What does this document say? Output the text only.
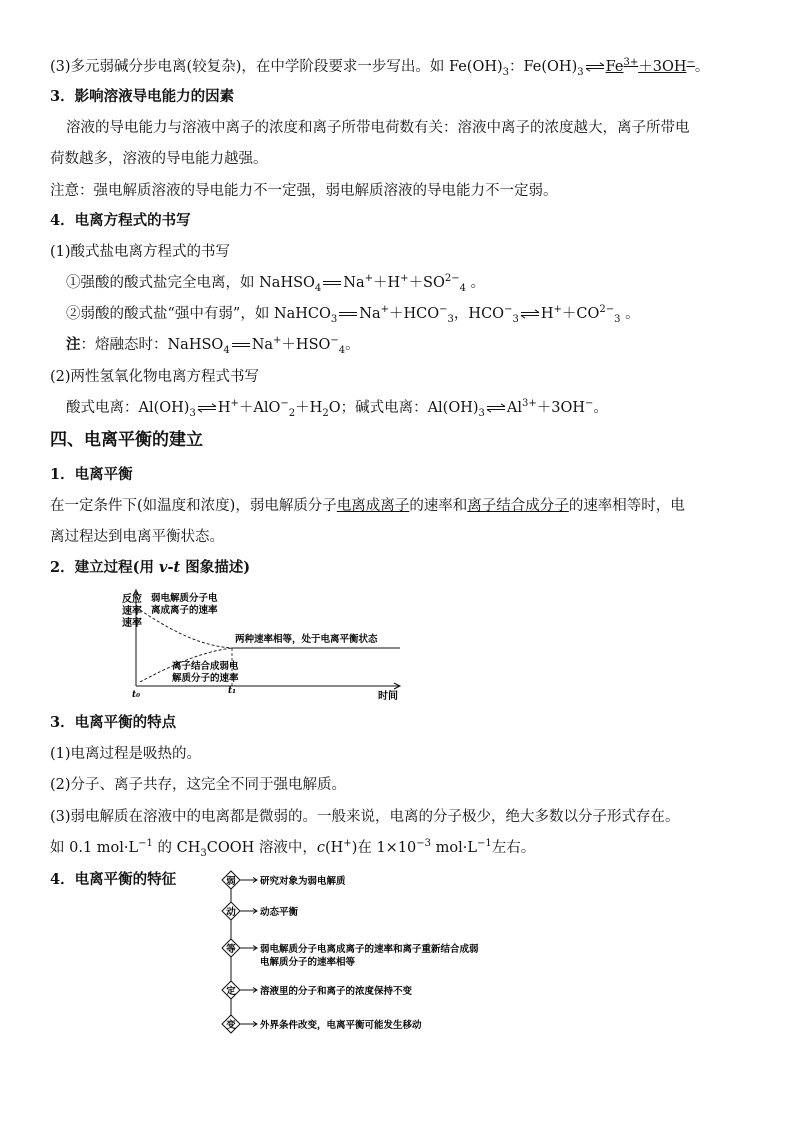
(3)多元弱碱分步电离(较复杂)，在中学阶段要求一步写出。如 $Fe(OH)_3$：$Fe(OH)_3$ $Fe^{3+}+3OH^-$。
3．影响溶液导电能力的因素
溶液的导电能力与溶液中离子的浓度和离子所带电荷数有关：溶液中离子的浓度越大，离子所带电
荷数越多，溶液的导电能力越强。
注意：强电解质溶液的导电能力不一定强，弱电解质溶液的导电能力不一定弱。
4．电离方程式的书写
(1)酸式盐电离方程式的书写
①强酸的酸式盐完全电离，如 NaHSO$_4$ $Na^++H^++SO^{2-}_4$ 。
②弱酸的酸式盐“强中有弱”，如 NaHCO$_3$ $Na^++HCO^-_3$，$HCO^-_3$ $H^++CO^{2-}_3$ 。
注：熔融态时：NaHSO$_4$ $Na^++HSO^-_4$。
(2)两性氢氧化物电离方程式书写
酸式电离：$Al(OH)_3$ $H^++AlO^-_2+H_2O$；碱式电离：$Al(OH)_3$ $Al^{3+}+3OH^-$。
四、电离平衡的建立
1．电离平衡
在一定条件下(如温度和浓度)，弱电解质分子电离成离子的速率和离子结合成分子的速率相等时，电
离过程达到电离平衡状态。
2．建立过程(用 v-t 图象描述)
反应
速率
速率
时间
t₀	t₁
弱电解质分子电
离成离子的速率
两种速率相等，处于电离平衡状态
离子结合成弱电
解质分子的速率
3．电离平衡的特点
(1)电离过程是吸热的。
(2)分子、离子共存，这完全不同于强电解质。
(3)弱电解质在溶液中的电离都是微弱的。一般来说，电离的分子极少，绝大多数以分子形式存在。
如 0.1 $mol\cdot L^{-1}$ 的 $CH_3COOH$ 溶液中，c(H+)在 $1\times 10^{-3}$ $mol\cdot L^{-1}$左右。
4．电离平衡的特征	弱	研究对象为弱电解质
动	动态平衡
等	弱电解质分子电离成离子的速率和离子重新结合成弱
电解质分子的速率相等
定	溶液里的分子和离子的浓度保持不变
变	外界条件改变，电离平衡可能发生移动
